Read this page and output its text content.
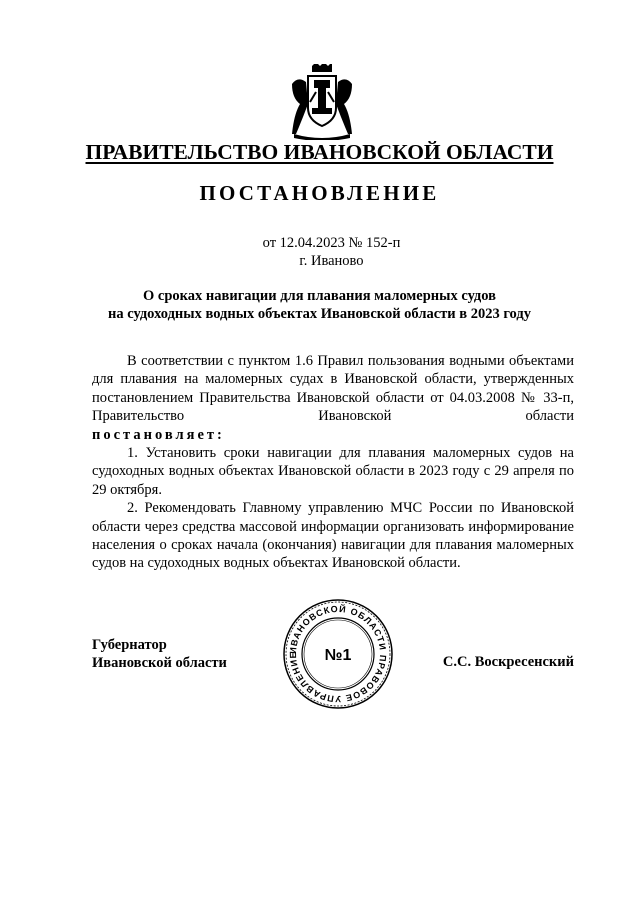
ПРАВИТЕЛЬСТВО ИВАНОВСКОЙ ОБЛАСТИ
ПОСТАНОВЛЕНИЕ
от 12.04.2023 № 152-п
г. Иваново
О сроках навигации для плавания маломерных судов
на судоходных водных объектах Ивановской области в 2023 году

В соответствии с пунктом 1.6 Правил пользования водными объектами для плавания на маломерных судах в Ивановской области, утвержденных постановлением Правительства Ивановской области от 04.03.2008 № 33-п, Правительство Ивановской области

постановляет:

1. Установить сроки навигации для плавания маломерных судов на судоходных водных объектах Ивановской области в 2023 году с 29 апреля по 29 октября.

2. Рекомендовать Главному управлению МЧС России по Ивановской области через средства массовой информации организовать информирование населения о сроках начала (окончания) навигации для плавания маломерных судов на судоходных водных объектах Ивановской области.

Губернатор
Ивановской области
ИВАНОВСКОЙ ОБЛАСТИ ПРАВОВОЕ УПРАВЛЕНИЕ	№1	С.С. Воскресенский
